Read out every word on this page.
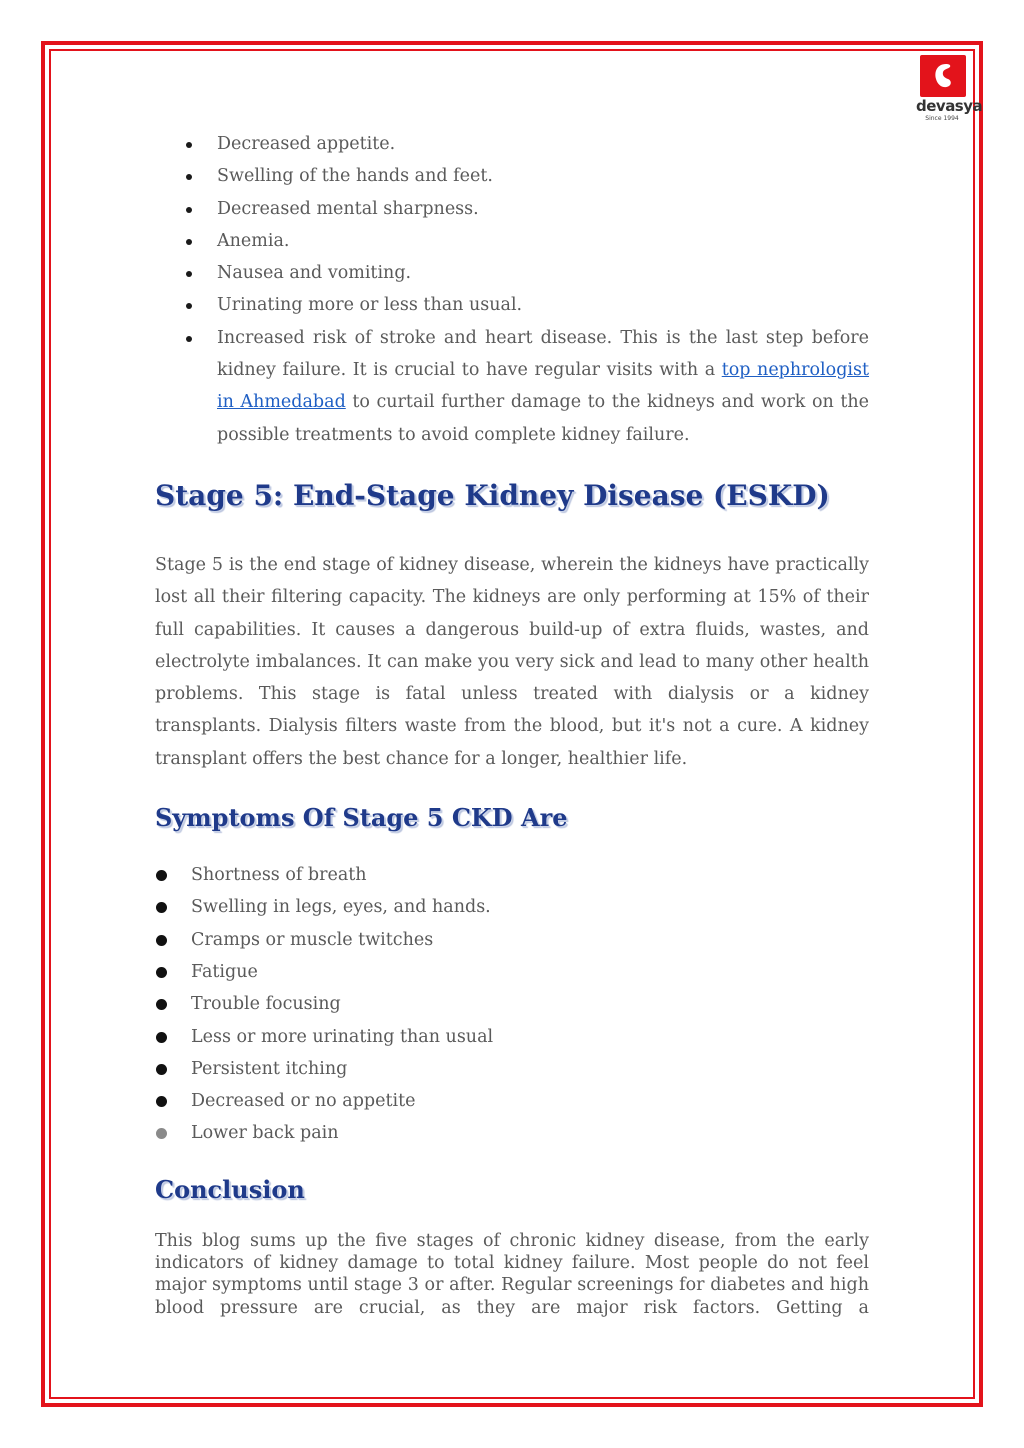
devasya
Since 1994
Decreased appetite.
Swelling of the hands and feet.
Decreased mental sharpness.
Anemia.
Nausea and vomiting.
Urinating more or less than usual.
Increased risk of stroke and heart disease. This is the last step before kidney failure. It is crucial to have regular visits with a top nephrologist in Ahmedabad to curtail further damage to the kidneys and work on the possible treatments to avoid complete kidney failure.
Stage 5: End-Stage Kidney Disease (ESKD)

Stage 5 is the end stage of kidney disease, wherein the kidneys have practically lost all their filtering capacity. The kidneys are only performing at 15% of their full capabilities. It causes a dangerous build-up of extra fluids, wastes, and electrolyte imbalances. It can make you very sick and lead to many other health problems. This stage is fatal unless treated with dialysis or a kidney transplants. Dialysis filters waste from the blood, but it's not a cure. A kidney transplant offers the best chance for a longer, healthier life.

Symptoms Of Stage 5 CKD Are
Shortness of breath
Swelling in legs, eyes, and hands.
Cramps or muscle twitches
Fatigue
Trouble focusing
Less or more urinating than usual
Persistent itching
Decreased or no appetite
Lower back pain
Conclusion

This blog sums up the five stages of chronic kidney disease, from the early indicators of kidney damage to total kidney failure. Most people do not feel major symptoms until stage 3 or after. Regular screenings for diabetes and high blood pressure are crucial, as they are major risk factors. Getting a
